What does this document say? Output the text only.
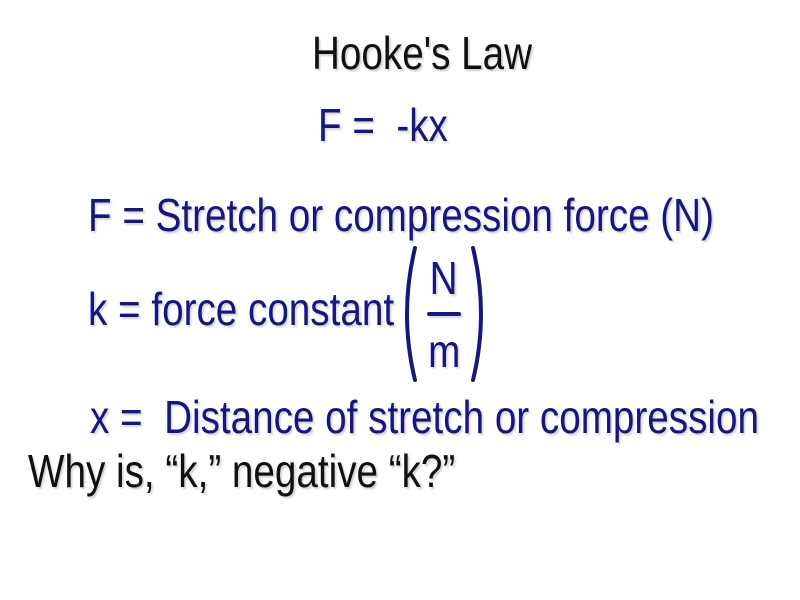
Hooke's Law
F =  -kx
F = Stretch or compression force (N)
k = force constant $\frac{N}{m}$
x =  Distance of stretch or compression
Why is, “k,” negative “k?”
